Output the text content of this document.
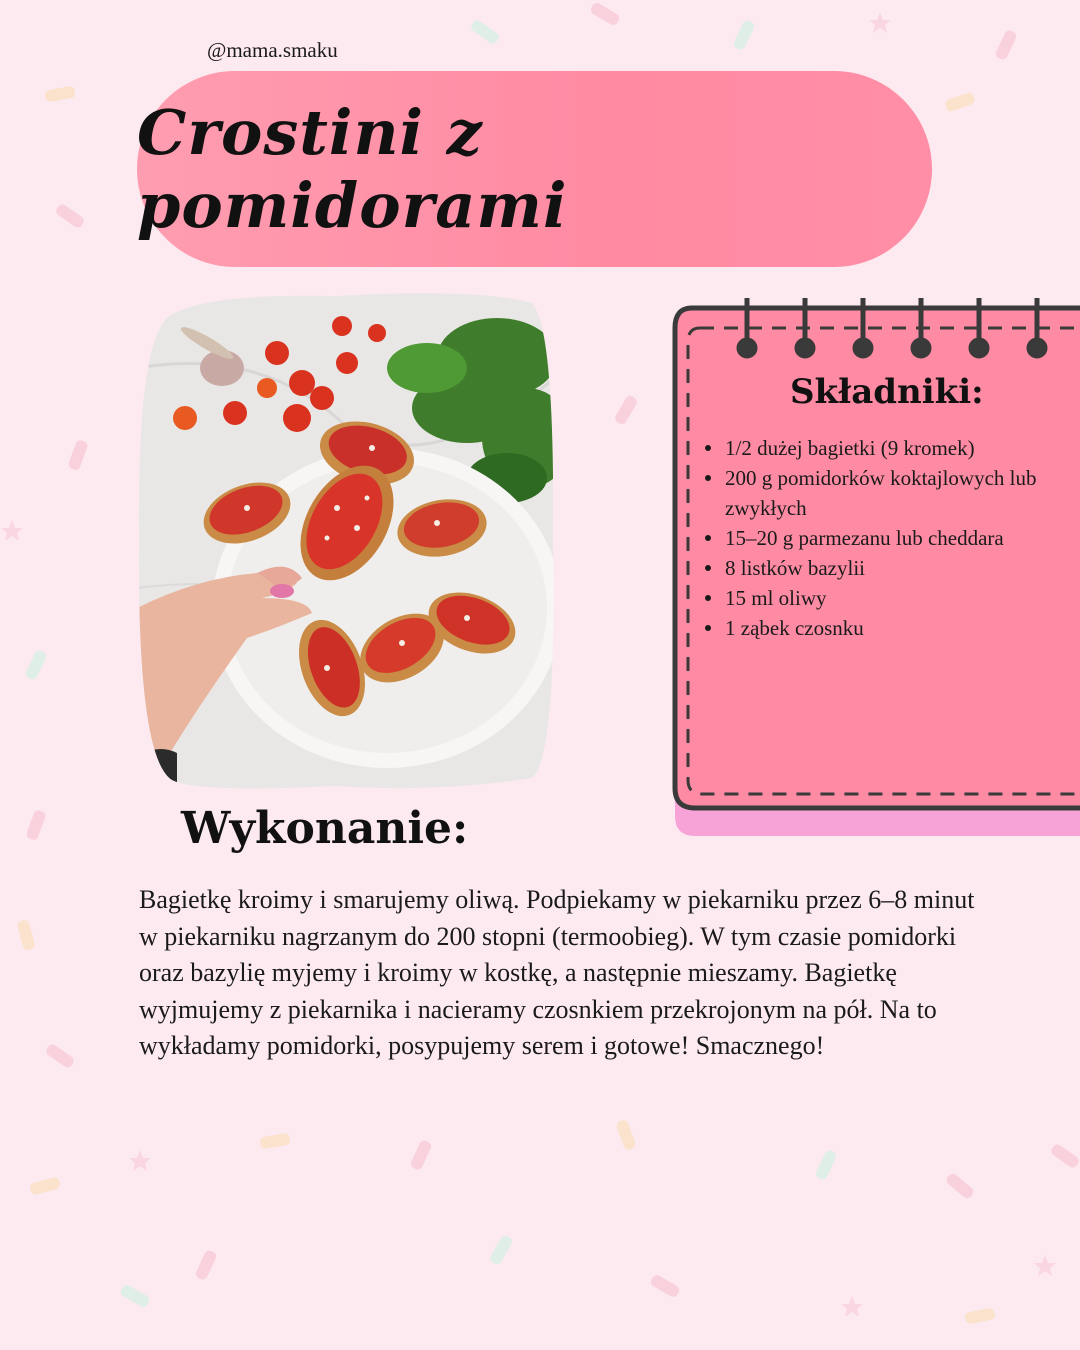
@mama.smaku
Crostini z pomidorami
Składniki:
1/2 dużej bagietki (9 kromek)
200 g pomidorków koktajlowych lub zwykłych
15–20 g parmezanu lub cheddara
8 listków bazylii
15 ml oliwy
1 ząbek czosnku
Wykonanie:

Bagietkę kroimy i smarujemy oliwą. Podpiekamy w piekarniku przez 6–8 minut w piekarniku nagrzanym do 200 stopni (termoobieg). W tym czasie pomidorki oraz bazylię myjemy i kroimy w kostkę, a następnie mieszamy. Bagietkę wyjmujemy z piekarnika i nacieramy czosnkiem przekrojonym na pół. Na to wykładamy pomidorki, posypujemy serem i gotowe! Smacznego!
